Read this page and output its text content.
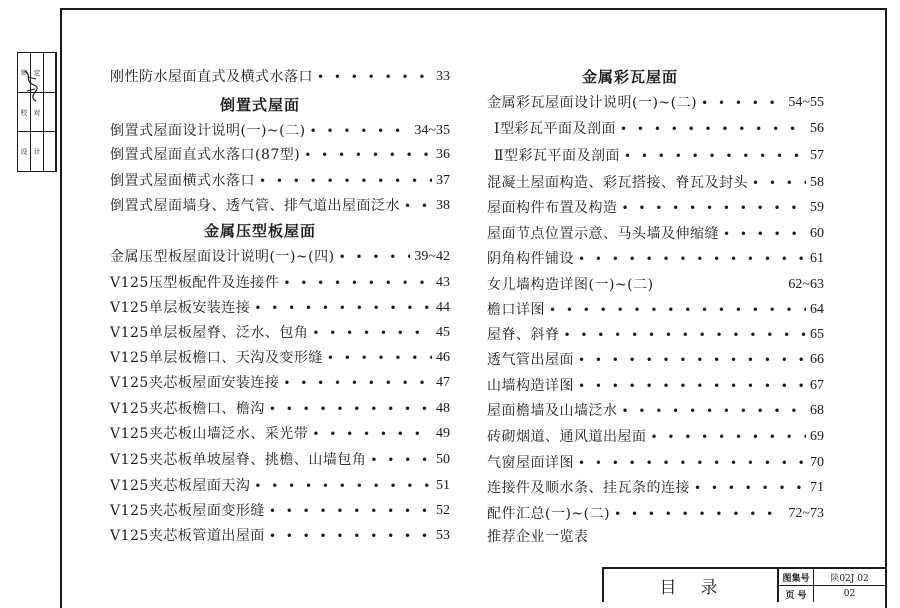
审
校
设
定
对
计
刚性防水屋面直式及横式水落口 • • •	33
倒置式屋面
倒置式屋面设计说明(一)~(二) • • •	34~35
倒置式屋面直式水落口(87型) • • •	36
倒置式屋面横式水落口 • • •	37
倒置式屋面墙身、透气管、排气道出屋面泛水 • • •	38
金属压型板屋面
金属压型板屋面设计说明(一)~(四) • • •	39~42
V125压型板配件及连接件 • • •	43
V125单层板安装连接 • • •	44
V125单层板屋脊、泛水、包角 • • •	45
V125单层板檐口、天沟及变形缝 • • •	46
V125夹芯板屋面安装连接 • • •	47
V125夹芯板檐口、檐沟 • • •	48
V125夹芯板山墙泛水、采光带 • • •	49
V125夹芯板单坡屋脊、挑檐、山墙包角 • • •	50
V125夹芯板屋面天沟 • • •	51
V125夹芯板屋面变形缝 • • •	52
V125夹芯板管道出屋面 • • •	53
金属彩瓦屋面
金属彩瓦屋面设计说明(一)~(二) • • •	54~55
Ⅰ型彩瓦平面及剖面 • • •	56
Ⅱ型彩瓦平面及剖面 • • •	57
混凝土屋面构造、彩瓦搭接、脊瓦及封头 • • •	58
屋面构件布置及构造 • • •	59
屋面节点位置示意、马头墙及伸缩缝 • • •	60
阴角构件铺设 • • •	61
女儿墙构造详图(一)~(二)	62~63
檐口详图 • • •	64
屋脊、斜脊 • • •	65
透气管出屋面 • • •	66
山墙构造详图 • • •	67
屋面檐墙及山墙泛水 • • •	68
砖砌烟道、通风道出屋面 • • •	69
气窗屋面详图 • • •	70
连接件及顺水条、挂瓦条的连接 • • •	71
配件汇总(一)~(二) • • •	72~73
推荐企业一览表
目录	图集号	陕02J 02
页 号	02
